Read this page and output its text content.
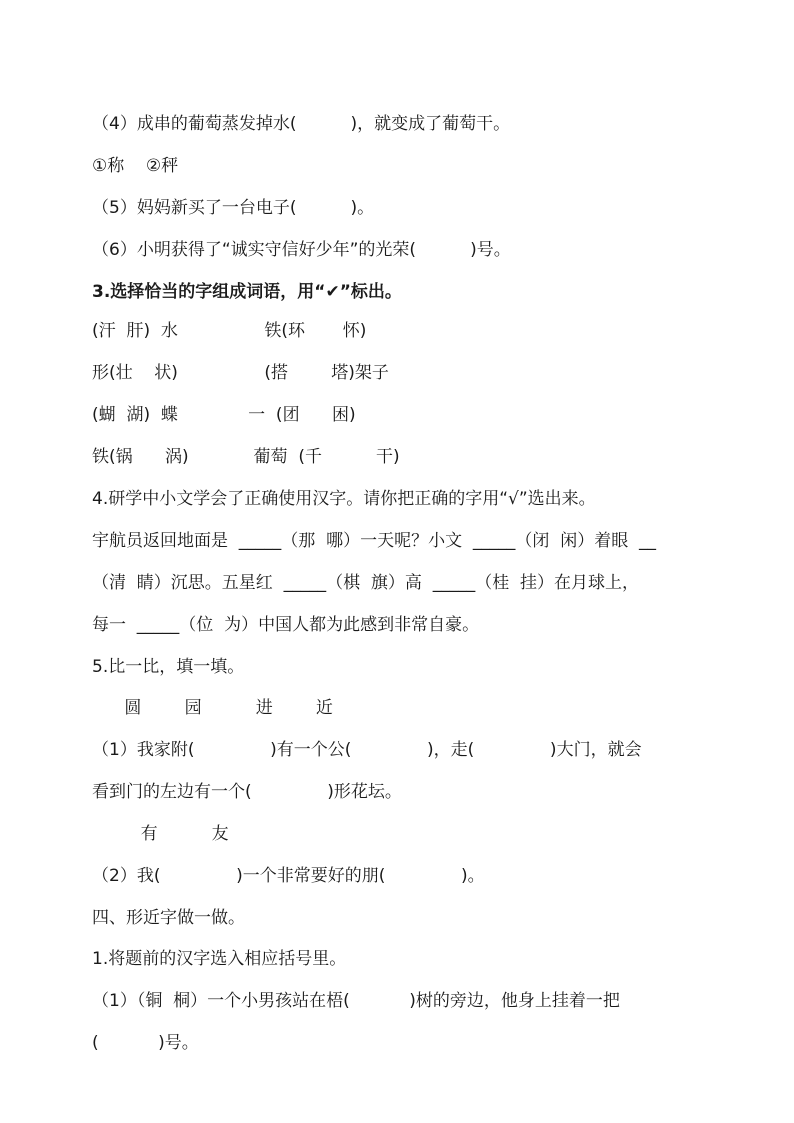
（4）成串的葡萄蒸发掉水(          )，就变成了葡萄干。
①称    ②秤
（5）妈妈新买了一台电子(          )。
（6）小明获得了“诚实守信好少年”的光荣(          )号。
3.选择恰当的字组成词语，用“✔”标出。
(汗  肝)  水                铁(环       怀)
形(壮    状)                (搭        塔)架子
(蝴  湖)  蝶             一  (团      困)
铁(锅      涡)            葡萄  (千          干)
4.研学中小文学会了正确使用汉字。请你把正确的字用“√”选出来。
宇航员返回地面是  _____（那  哪）一天呢？小文  _____（闭  闲）着眼  __
（清  睛）沉思。五星红  _____（棋  旗）高  _____（桂  挂）在月球上，
每一  _____（位  为）中国人都为此感到非常自豪。
5.比一比，填一填。
圆        园          进        近
（1）我家附(              )有一个公(              )，走(              )大门，就会
看到门的左边有一个(              )形花坛。
有          友
（2）我(              )一个非常要好的朋(              )。
四、形近字做一做。
1.将题前的汉字选入相应括号里。
（1）（铜  桐）一个小男孩站在梧(           )树的旁边，他身上挂着一把
(           )号。
